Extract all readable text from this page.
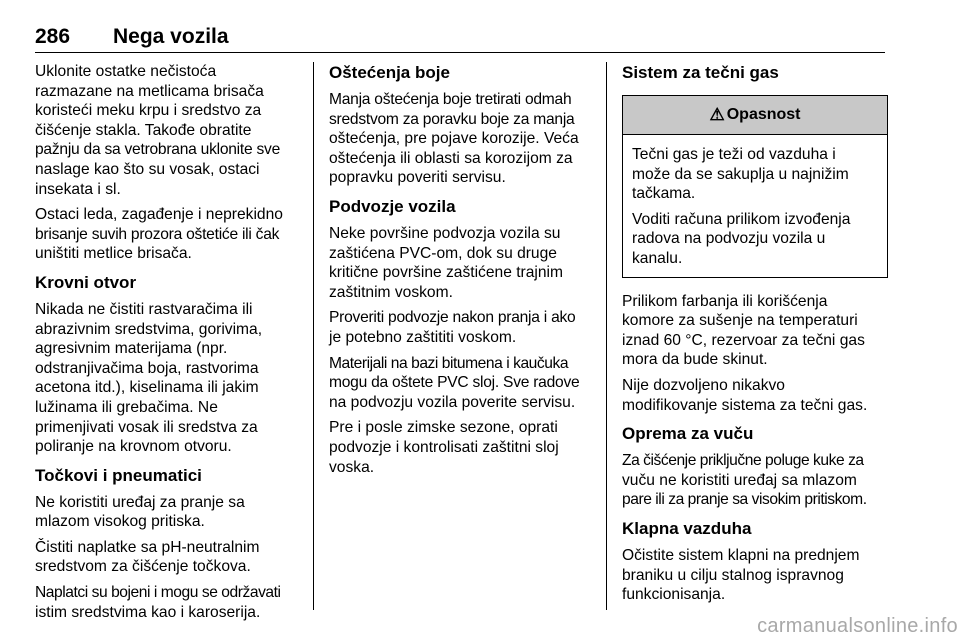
286 Nega vozila

Uklonite ostatke nečistoća
razmazane na metlicama brisača
koristeći meku krpu i sredstvo za
čišćenje stakla. Takođe obratite
pažnju da sa vetrobrana uklonite sve
naslage kao što su vosak, ostaci
insekata i sl.

Ostaci leda, zagađenje i neprekidno
brisanje suvih prozora oštetiće ili čak
uništiti metlice brisača.

Krovni otvor

Nikada ne čistiti rastvaračima ili
abrazivnim sredstvima, gorivima,
agresivnim materijama (npr.
odstranjivačima boja, rastvorima
acetona itd.), kiselinama ili jakim
lužinama ili grebačima. Ne
primenjivati vosak ili sredstva za
poliranje na krovnom otvoru.

Točkovi i pneumatici

Ne koristiti uređaj za pranje sa
mlazom visokog pritiska.

Čistiti naplatke sa pH-neutralnim
sredstvom za čišćenje točkova.

Naplatci su bojeni i mogu se održavati
istim sredstvima kao i karoserija.

Oštećenja boje

Manja oštećenja boje tretirati odmah
sredstvom za poravku boje za manja
oštećenja, pre pojave korozije. Veća
oštećenja ili oblasti sa korozijom za
popravku poveriti servisu.

Podvozje vozila

Neke površine podvozja vozila su
zaštićena PVC-om, dok su druge
kritične površine zaštićene trajnim
zaštitnim voskom.

Proveriti podvozje nakon pranja i ako
je potebno zaštititi voskom.

Materijali na bazi bitumena i kaučuka
mogu da oštete PVC sloj. Sve radove
na podvozju vozila poverite servisu.

Pre i posle zimske sezone, oprati
podvozje i kontrolisati zaštitni sloj
voska.

Sistem za tečni gas
⚠ Opasnost

Tečni gas je teži od vazduha i
može da se sakuplja u najnižim
tačkama.

Voditi računa prilikom izvođenja
radova na podvozju vozila u
kanalu.

Prilikom farbanja ili korišćenja
komore za sušenje na temperaturi
iznad 60 °C, rezervoar za tečni gas
mora da bude skinut.

Nije dozvoljeno nikakvo
modifikovanje sistema za tečni gas.

Oprema za vuču

Za čišćenje priključne poluge kuke za
vuču ne koristiti uređaj sa mlazom
pare ili za pranje sa visokim pritiskom.

Klapna vazduha

Očistite sistem klapni na prednjem
braniku u cilju stalnog ispravnog
funkcionisanja.

carmanualsonline.info
